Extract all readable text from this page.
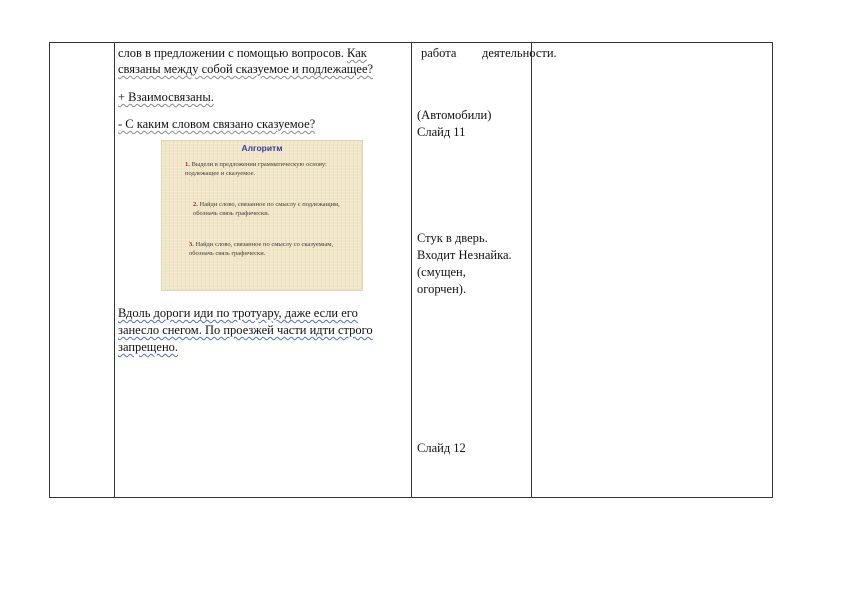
слов в предложении с помощью вопросов. Как
связаны между собой сказуемое и подлежащее?
+ Взаимосвязаны.
- С каким словом связано сказуемое?
Алгоритм
1. Выдели в предложении грамматическую основу: подлежащее и сказуемое.
2. Найди слово, связанное по смыслу с подлежащим, обозначь связь графически.
3. Найди слово, связанное по смыслу со сказуемым, обозначь связь графически.
Вдоль дороги иди по тротуару, даже если его
занесло снегом. По проезжей части идти строго
запрещено.
работа деятельности.
(Автомобили)
Слайд 11
Стук в дверь.
Входит Незнайка.
(смущен,
огорчен).
Слайд 12
